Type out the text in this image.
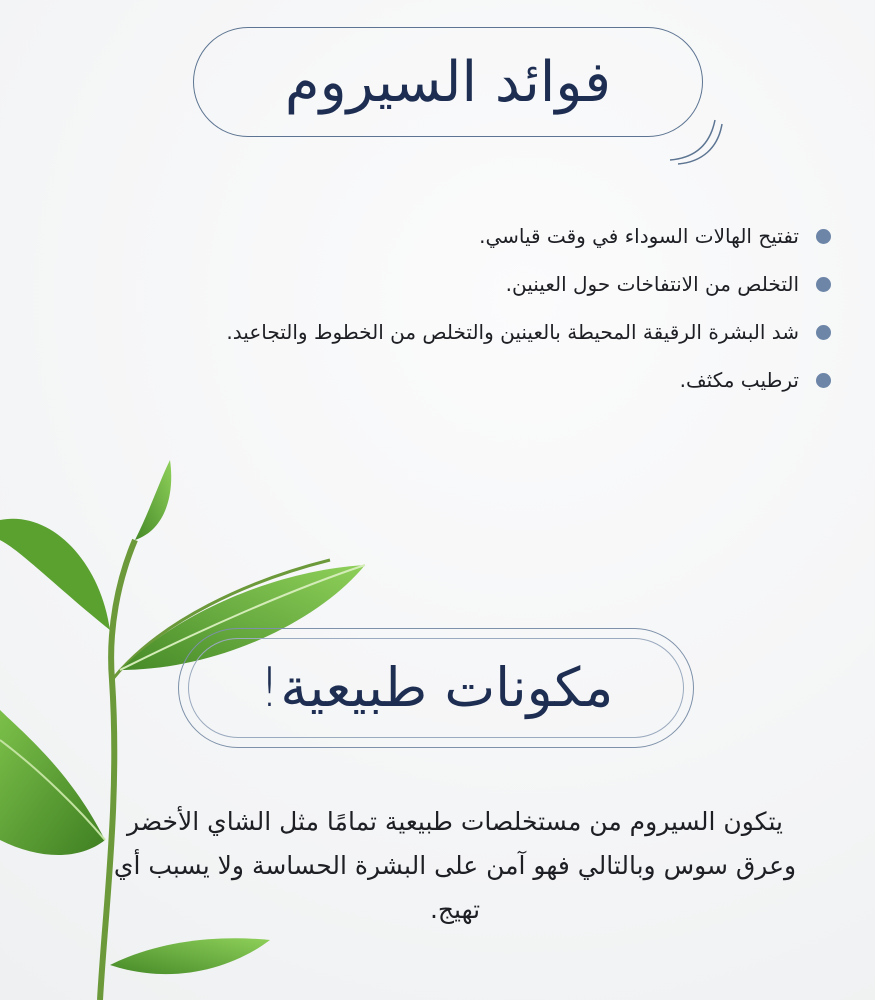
فوائد السيروم
تفتيح الهالات السوداء في وقت قياسي.
التخلص من الانتفاخات حول العينين.
شد البشرة الرقيقة المحيطة بالعينين والتخلص من الخطوط والتجاعيد.
ترطيب مكثف.
مكونات طبيعية!
يتكون السيروم من مستخلصات طبيعية تمامًا مثل الشاي الأخضر وعرق سوس وبالتالي فهو آمن على البشرة الحساسة ولا يسبب أي تهيج.
